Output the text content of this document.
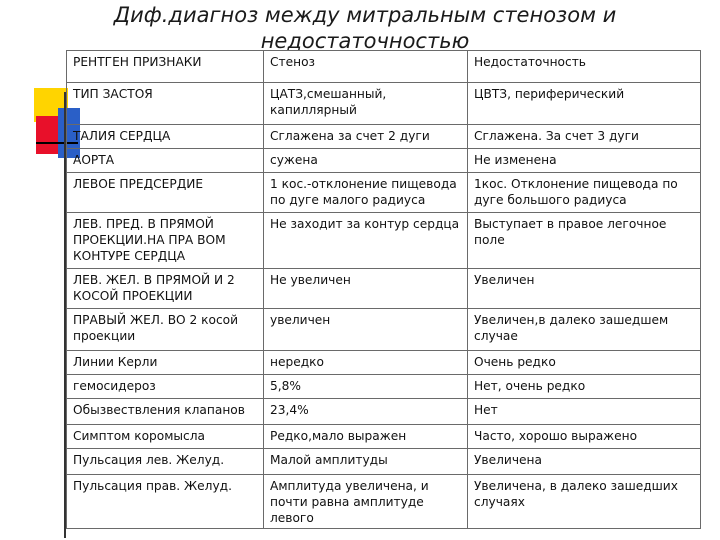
Диф.диагноз между митральным стенозом и
недостаточностью
РЕНТГЕН ПРИЗНАКИ	Стеноз	Недостаточность
ТИП ЗАСТОЯ	ЦАТЗ,смешанный, капиллярный	ЦВТЗ, периферический
ТАЛИЯ СЕРДЦА	Сглажена за счет 2 дуги	Сглажена. За счет 3 дуги
АОРТА	сужена	Не изменена
ЛЕВОЕ ПРЕДСЕРДИЕ	1 кос.-отклонение пищевода по дуге малого радиуса	1кос. Отклонение пищевода по дуге большого радиуса
ЛЕВ. ПРЕД. В ПРЯМОЙ ПРОЕКЦИИ.НА ПРА ВОМ КОНТУРЕ СЕРДЦА	Не заходит за контур сердца	Выступает в правое легочное поле
ЛЕВ. ЖЕЛ. В ПРЯМОЙ И 2 КОСОЙ ПРОЕКЦИИ	Не увеличен	Увеличен
ПРАВЫЙ ЖЕЛ. ВО 2 косой проекции	увеличен	Увеличен,в далеко зашедшем случае
Линии Керли	нередко	Очень редко
гемосидероз	5,8%	Нет, очень редко
Обызвествления клапанов	23,4%	Нет
Симптом коромысла	Редко,мало выражен	Часто, хорошо выражено
Пульсация лев. Желуд.	Малой амплитуды	Увеличена
Пульсация прав. Желуд.	Амплитуда увеличена, и почти равна амплитуде левого	Увеличена, в далеко зашедших случаях
